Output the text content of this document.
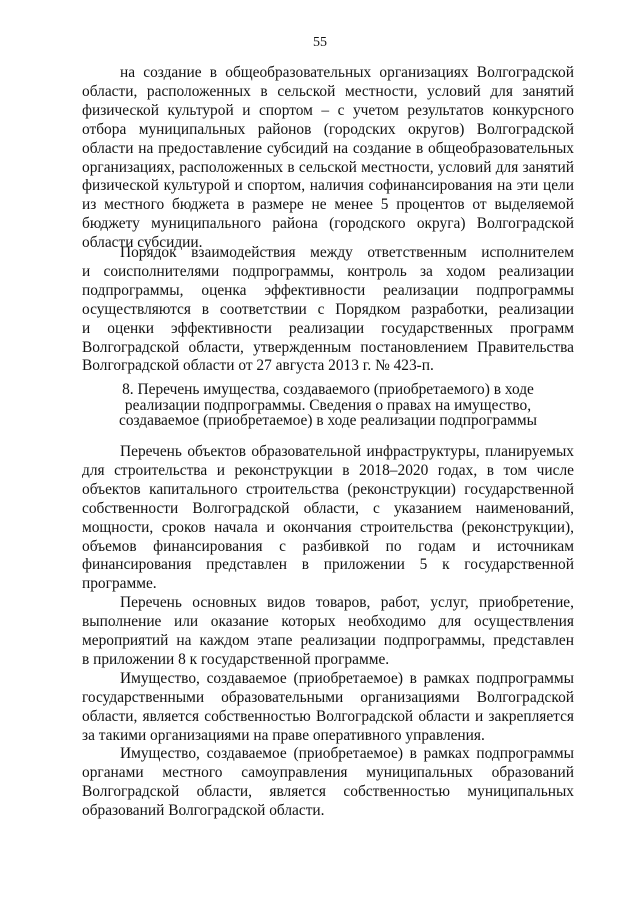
55

на создание в общеобразовательных организациях Волгоградской

области, расположенных в сельской местности, условий для занятий

физической культурой и спортом – с учетом результатов конкурсного

отбора муниципальных районов (городских округов) Волгоградской

области на предоставление субсидий на создание в общеобразовательных

организациях, расположенных в сельской местности, условий для занятий

физической культурой и спортом, наличия софинансирования на эти цели

из местного бюджета в размере не менее 5 процентов от выделяемой

бюджету муниципального района (городского округа) Волгоградской

области субсидии.

Порядок взаимодействия между ответственным исполнителем

и соисполнителями подпрограммы, контроль за ходом реализации

подпрограммы, оценка эффективности реализации подпрограммы

осуществляются в соответствии с Порядком разработки, реализации

и оценки эффективности реализации государственных программ

Волгоградской области, утвержденным постановлением Правительства

Волгоградской области от 27 августа 2013 г. № 423-п.

8. Перечень имущества, создаваемого (приобретаемого) в ходе

реализации подпрограммы. Сведения о правах на имущество,

создаваемое (приобретаемое) в ходе реализации подпрограммы

Перечень объектов образовательной инфраструктуры, планируемых

для строительства и реконструкции в 2018–2020 годах, в том числе

объектов капитального строительства (реконструкции) государственной

собственности Волгоградской области, с указанием наименований,

мощности, сроков начала и окончания строительства (реконструкции),

объемов финансирования с разбивкой по годам и источникам

финансирования представлен в приложении 5 к государственной

программе.

Перечень основных видов товаров, работ, услуг, приобретение,

выполнение или оказание которых необходимо для осуществления

мероприятий на каждом этапе реализации подпрограммы, представлен

в приложении 8 к государственной программе.

Имущество, создаваемое (приобретаемое) в рамках подпрограммы

государственными образовательными организациями Волгоградской

области, является собственностью Волгоградской области и закрепляется

за такими организациями на праве оперативного управления.

Имущество, создаваемое (приобретаемое) в рамках подпрограммы

органами местного самоуправления муниципальных образований

Волгоградской области, является собственностью муниципальных

образований Волгоградской области.
